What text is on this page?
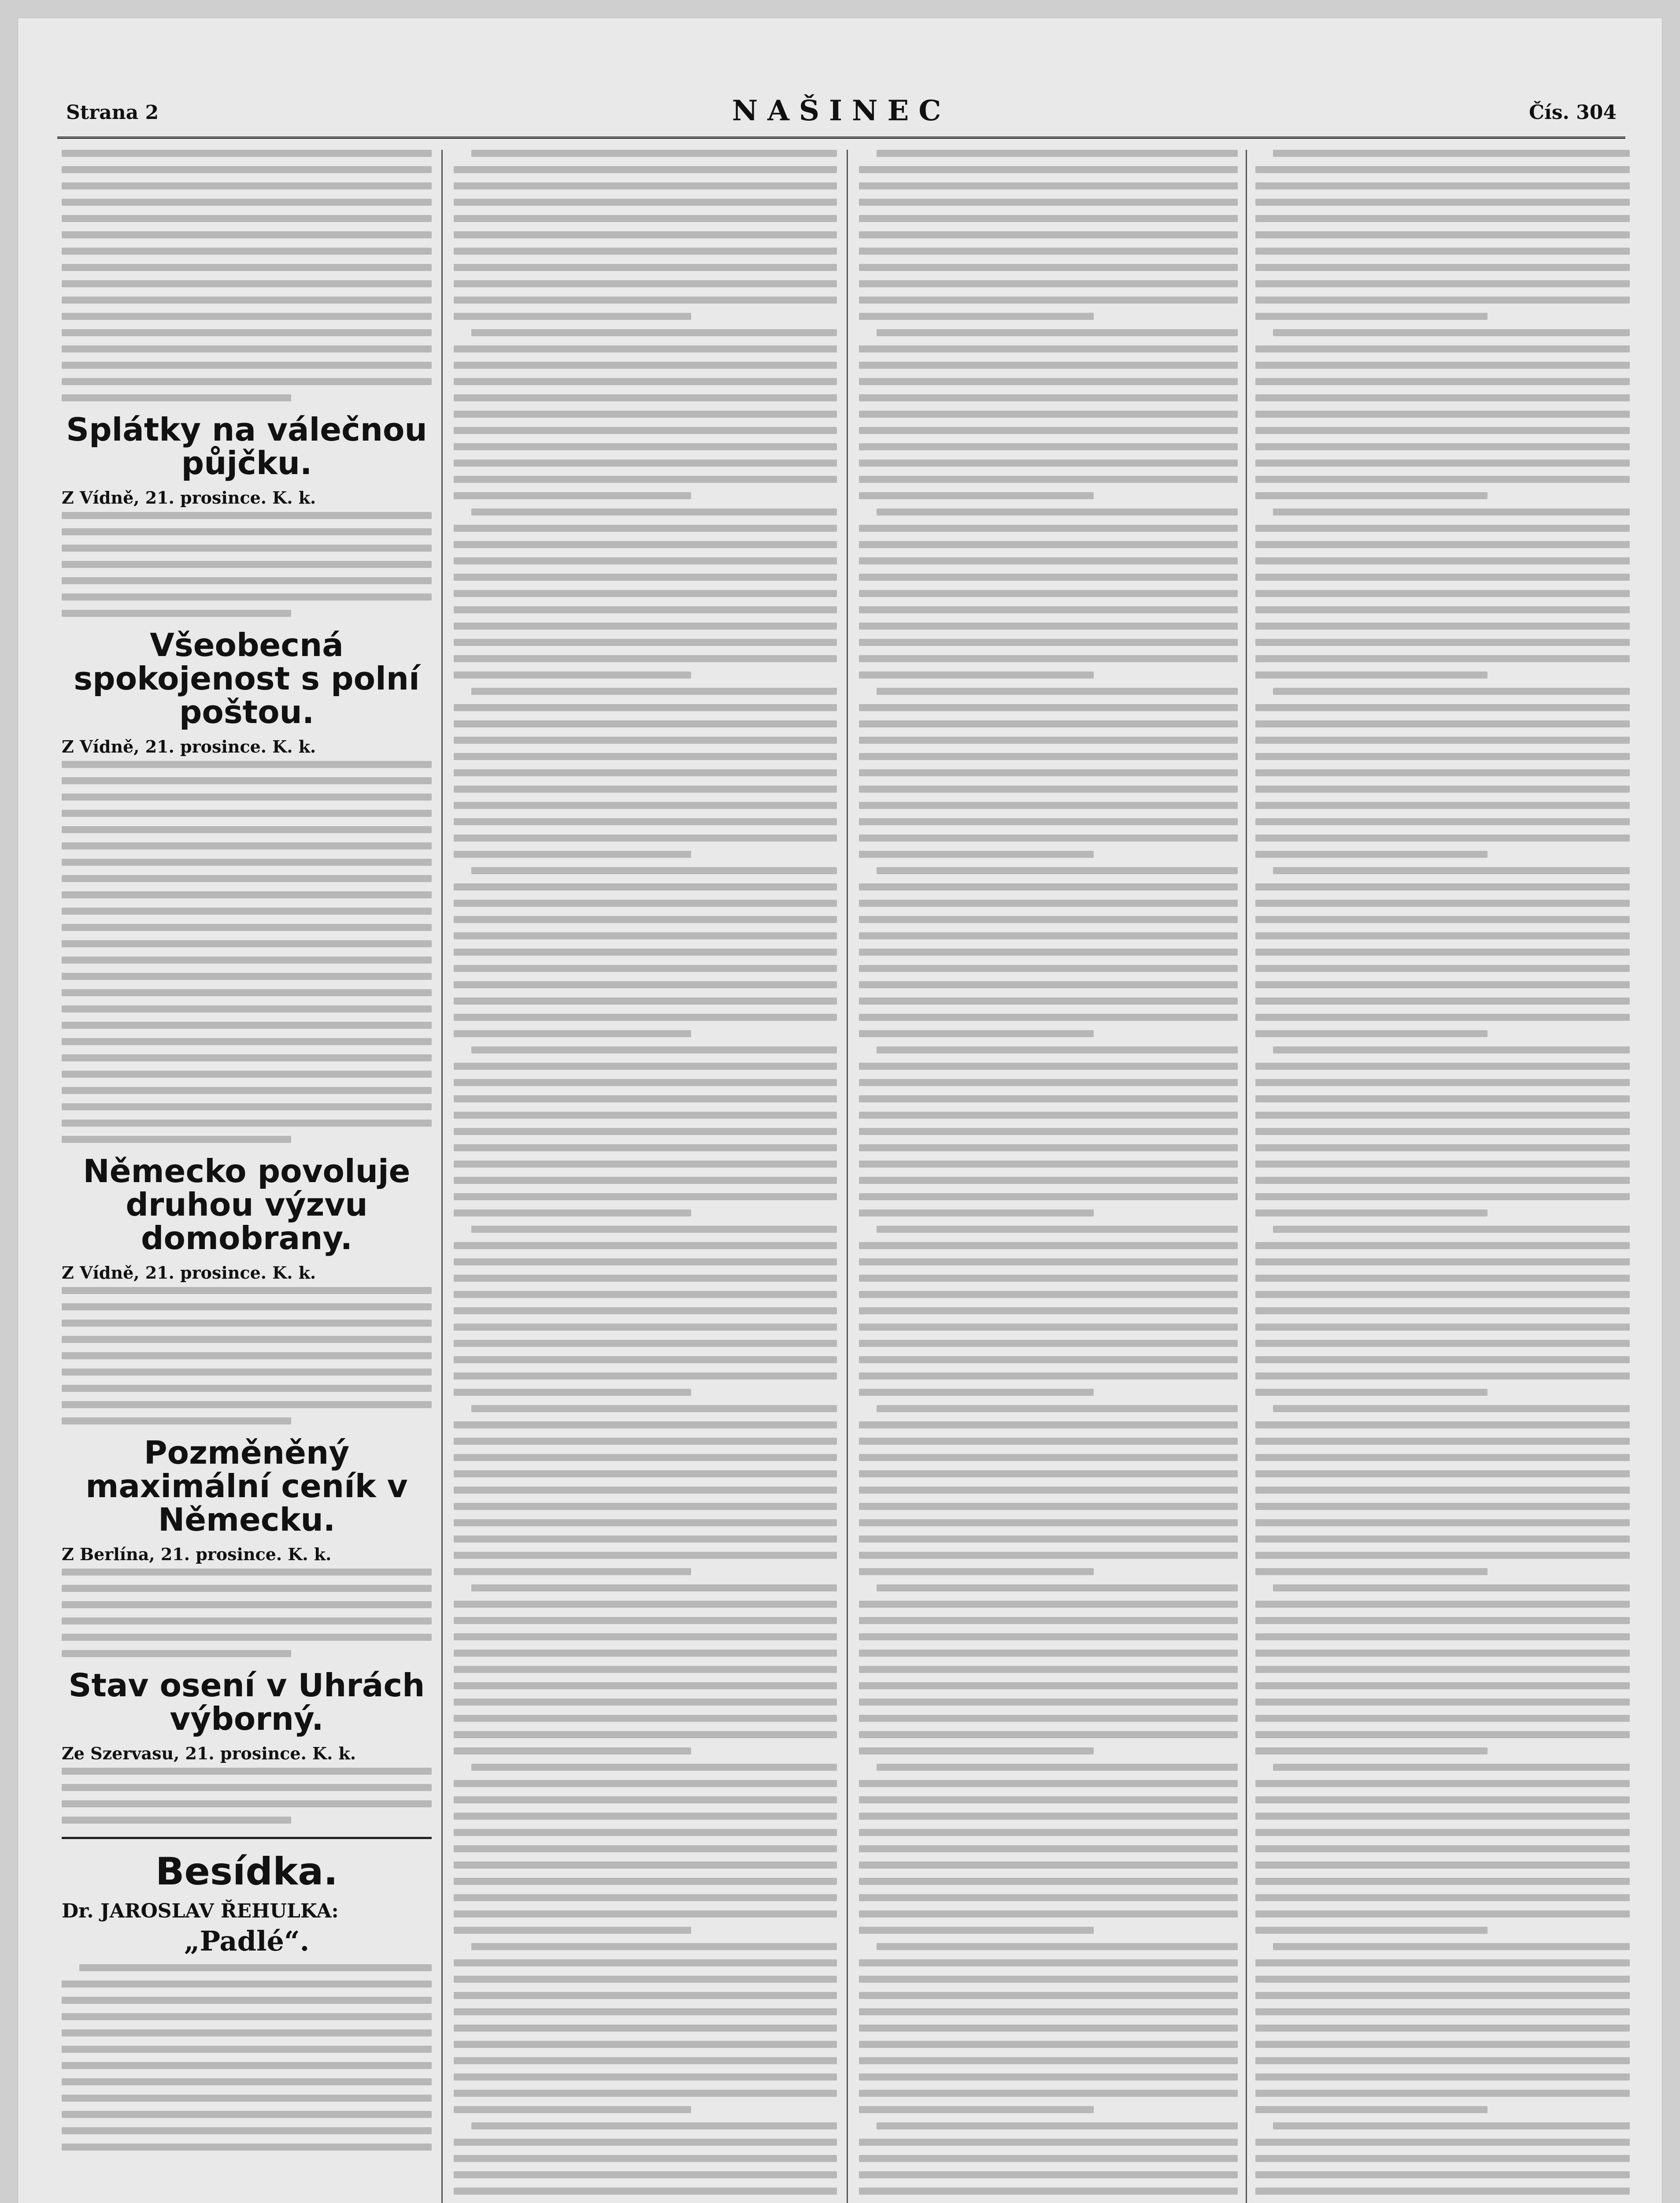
Strana 2	NAŠINEC	Čís. 304
Splátky na válečnou půjčku.
Z Vídně, 21. prosince. K. k.
Všeobecná spokojenost s polní poštou.
Z Vídně, 21. prosince. K. k.
Německo povoluje druhou výzvu domobrany.
Z Vídně, 21. prosince. K. k.
Pozměněný maximální ceník v Německu.
Z Berlína, 21. prosince. K. k.
Stav osení v Uhrách výborný.
Ze Szervasu, 21. prosince. K. k.
Besídka.
Dr. JAROSLAV ŘEHULKA:
„Padlé“.
